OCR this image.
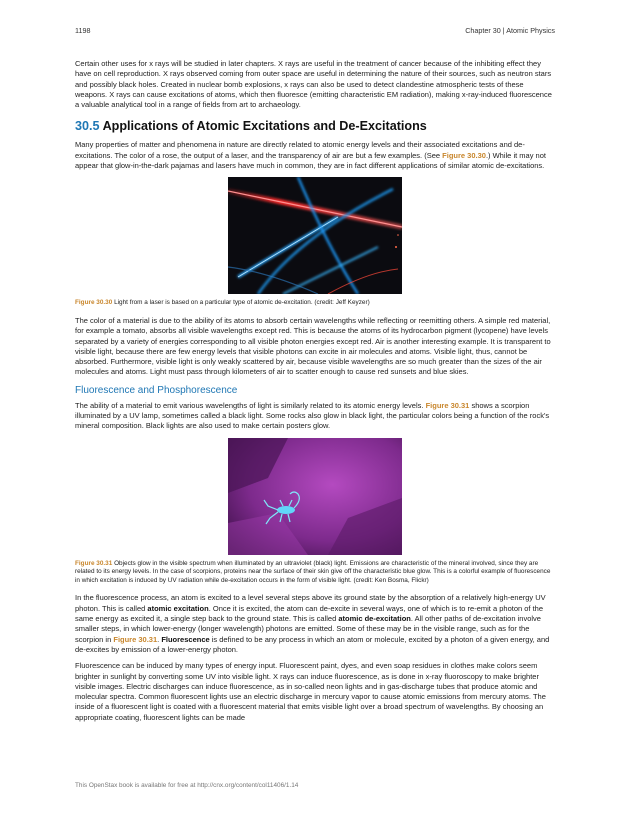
1198	Chapter 30 | Atomic Physics

Certain other uses for x rays will be studied in later chapters. X rays are useful in the treatment of cancer because of the inhibiting effect they have on cell reproduction. X rays observed coming from outer space are useful in determining the nature of their sources, such as neutron stars and possibly black holes. Created in nuclear bomb explosions, x rays can also be used to detect clandestine atmospheric tests of these weapons. X rays can cause excitations of atoms, which then fluoresce (emitting characteristic EM radiation), making x-ray-induced fluorescence a valuable analytical tool in a range of fields from art to archaeology.

30.5 Applications of Atomic Excitations and De-Excitations

Many properties of matter and phenomena in nature are directly related to atomic energy levels and their associated excitations and de-excitations. The color of a rose, the output of a laser, and the transparency of air are but a few examples. (See Figure 30.30.) While it may not appear that glow-in-the-dark pajamas and lasers have much in common, they are in fact different applications of similar atomic de-excitations.

Figure 30.30 Light from a laser is based on a particular type of atomic de-excitation. (credit: Jeff Keyzer)

The color of a material is due to the ability of its atoms to absorb certain wavelengths while reflecting or reemitting others. A simple red material, for example a tomato, absorbs all visible wavelengths except red. This is because the atoms of its hydrocarbon pigment (lycopene) have levels separated by a variety of energies corresponding to all visible photon energies except red. Air is another interesting example. It is transparent to visible light, because there are few energy levels that visible photons can excite in air molecules and atoms. Visible light, thus, cannot be absorbed. Furthermore, visible light is only weakly scattered by air, because visible wavelengths are so much greater than the sizes of the air molecules and atoms. Light must pass through kilometers of air to scatter enough to cause red sunsets and blue skies.

Fluorescence and Phosphorescence

The ability of a material to emit various wavelengths of light is similarly related to its atomic energy levels. Figure 30.31 shows a scorpion illuminated by a UV lamp, sometimes called a black light. Some rocks also glow in black light, the particular colors being a function of the rock's mineral composition. Black lights are also used to make certain posters glow.

Figure 30.31 Objects glow in the visible spectrum when illuminated by an ultraviolet (black) light. Emissions are characteristic of the mineral involved, since they are related to its energy levels. In the case of scorpions, proteins near the surface of their skin give off the characteristic blue glow. This is a colorful example of fluorescence in which excitation is induced by UV radiation while de-excitation occurs in the form of visible light. (credit: Ken Bosma, Flickr)

In the fluorescence process, an atom is excited to a level several steps above its ground state by the absorption of a relatively high-energy UV photon. This is called atomic excitation. Once it is excited, the atom can de-excite in several ways, one of which is to re-emit a photon of the same energy as excited it, a single step back to the ground state. This is called atomic de-excitation. All other paths of de-excitation involve smaller steps, in which lower-energy (longer wavelength) photons are emitted. Some of these may be in the visible range, such as for the scorpion in Figure 30.31. Fluorescence is defined to be any process in which an atom or molecule, excited by a photon of a given energy, and de-excites by emission of a lower-energy photon.

Fluorescence can be induced by many types of energy input. Fluorescent paint, dyes, and even soap residues in clothes make colors seem brighter in sunlight by converting some UV into visible light. X rays can induce fluorescence, as is done in x-ray fluoroscopy to make brighter visible images. Electric discharges can induce fluorescence, as in so-called neon lights and in gas-discharge tubes that produce atomic and molecular spectra. Common fluorescent lights use an electric discharge in mercury vapor to cause atomic emissions from mercury atoms. The inside of a fluorescent light is coated with a fluorescent material that emits visible light over a broad spectrum of wavelengths. By choosing an appropriate coating, fluorescent lights can be made

This OpenStax book is available for free at http://cnx.org/content/col11406/1.14
